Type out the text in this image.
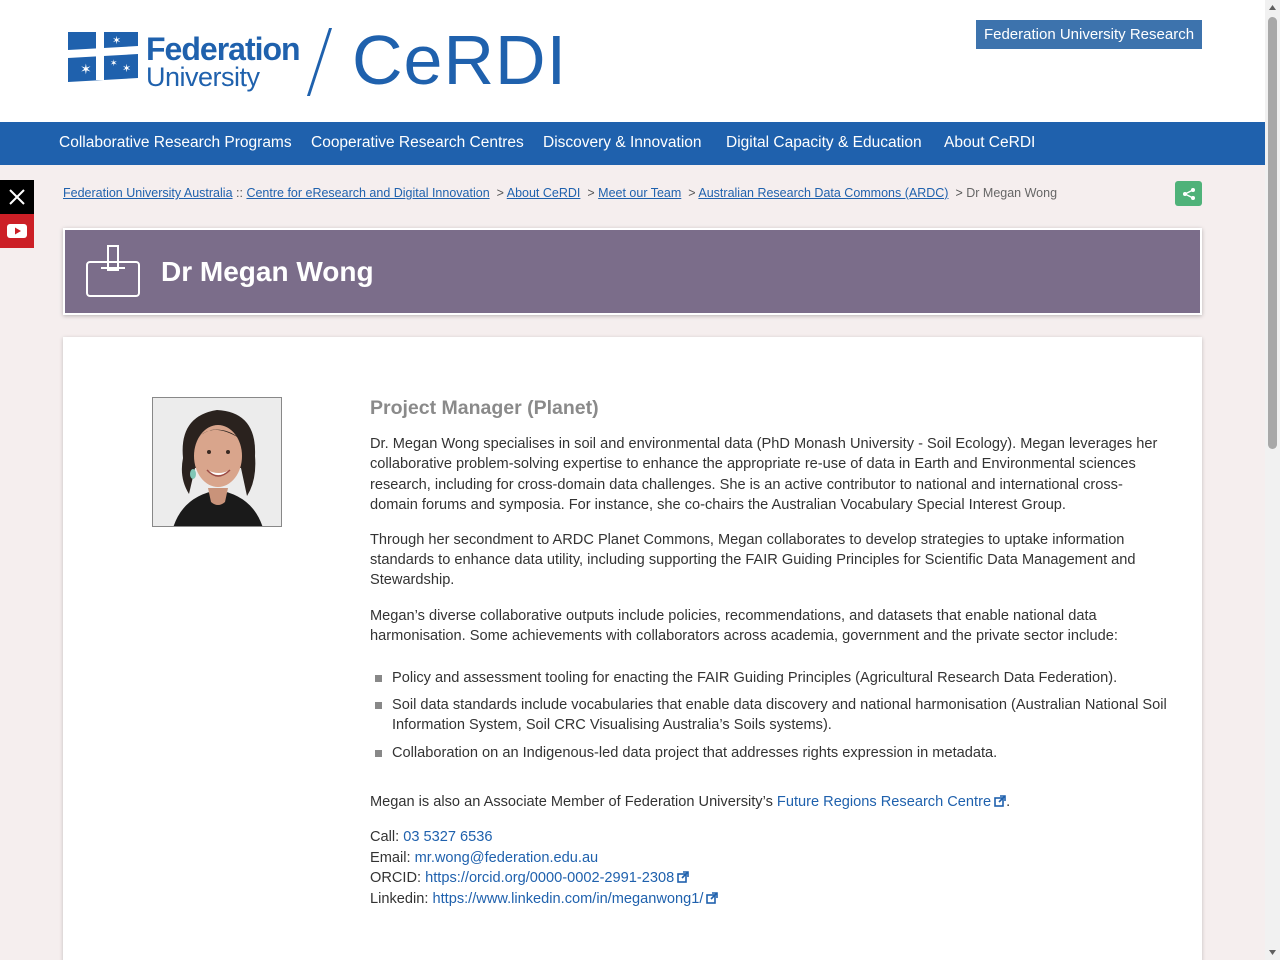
✶
✶
✶
✶ Federation
University CeRDI	Federation University Research
Collaborative Research Programs Cooperative Research Centres Discovery & Innovation Digital Capacity & Education About CeRDI
Federation University Australia :: Centre for eResearch and Digital Innovation > About CeRDI > Meet our Team > Australian Research Data Commons (ARDC) > Dr Megan Wong
Dr Megan Wong
Project Manager (Planet)

Dr. Megan Wong specialises in soil and environmental data (PhD Monash University - Soil Ecology). Megan leverages her collaborative problem-solving expertise to enhance the appropriate re-use of data in Earth and Environmental sciences research, including for cross-domain data challenges. She is an active contributor to national and international cross-domain forums and symposia. For instance, she co-chairs the Australian Vocabulary Special Interest Group.

Through her secondment to ARDC Planet Commons, Megan collaborates to develop strategies to uptake information standards to enhance data utility, including supporting the FAIR Guiding Principles for Scientific Data Management and Stewardship.

Megan’s diverse collaborative outputs include policies, recommendations, and datasets that enable national data harmonisation. Some achievements with collaborators across academia, government and the private sector include:

Policy and assessment tooling for enacting the FAIR Guiding Principles (Agricultural Research Data Federation).
Soil data standards include vocabularies that enable data discovery and national harmonisation (Australian National Soil Information System, Soil CRC Visualising Australia’s Soils systems).
Collaboration on an Indigenous-led data project that addresses rights expression in metadata.

Megan is also an Associate Member of Federation University’s Future Regions Research Centre .

Call: 03 5327 6536
Email: mr.wong@federation.edu.au
ORCID: https://orcid.org/0000-0002-2991-2308
Linkedin: https://www.linkedin.com/in/meganwong1/
